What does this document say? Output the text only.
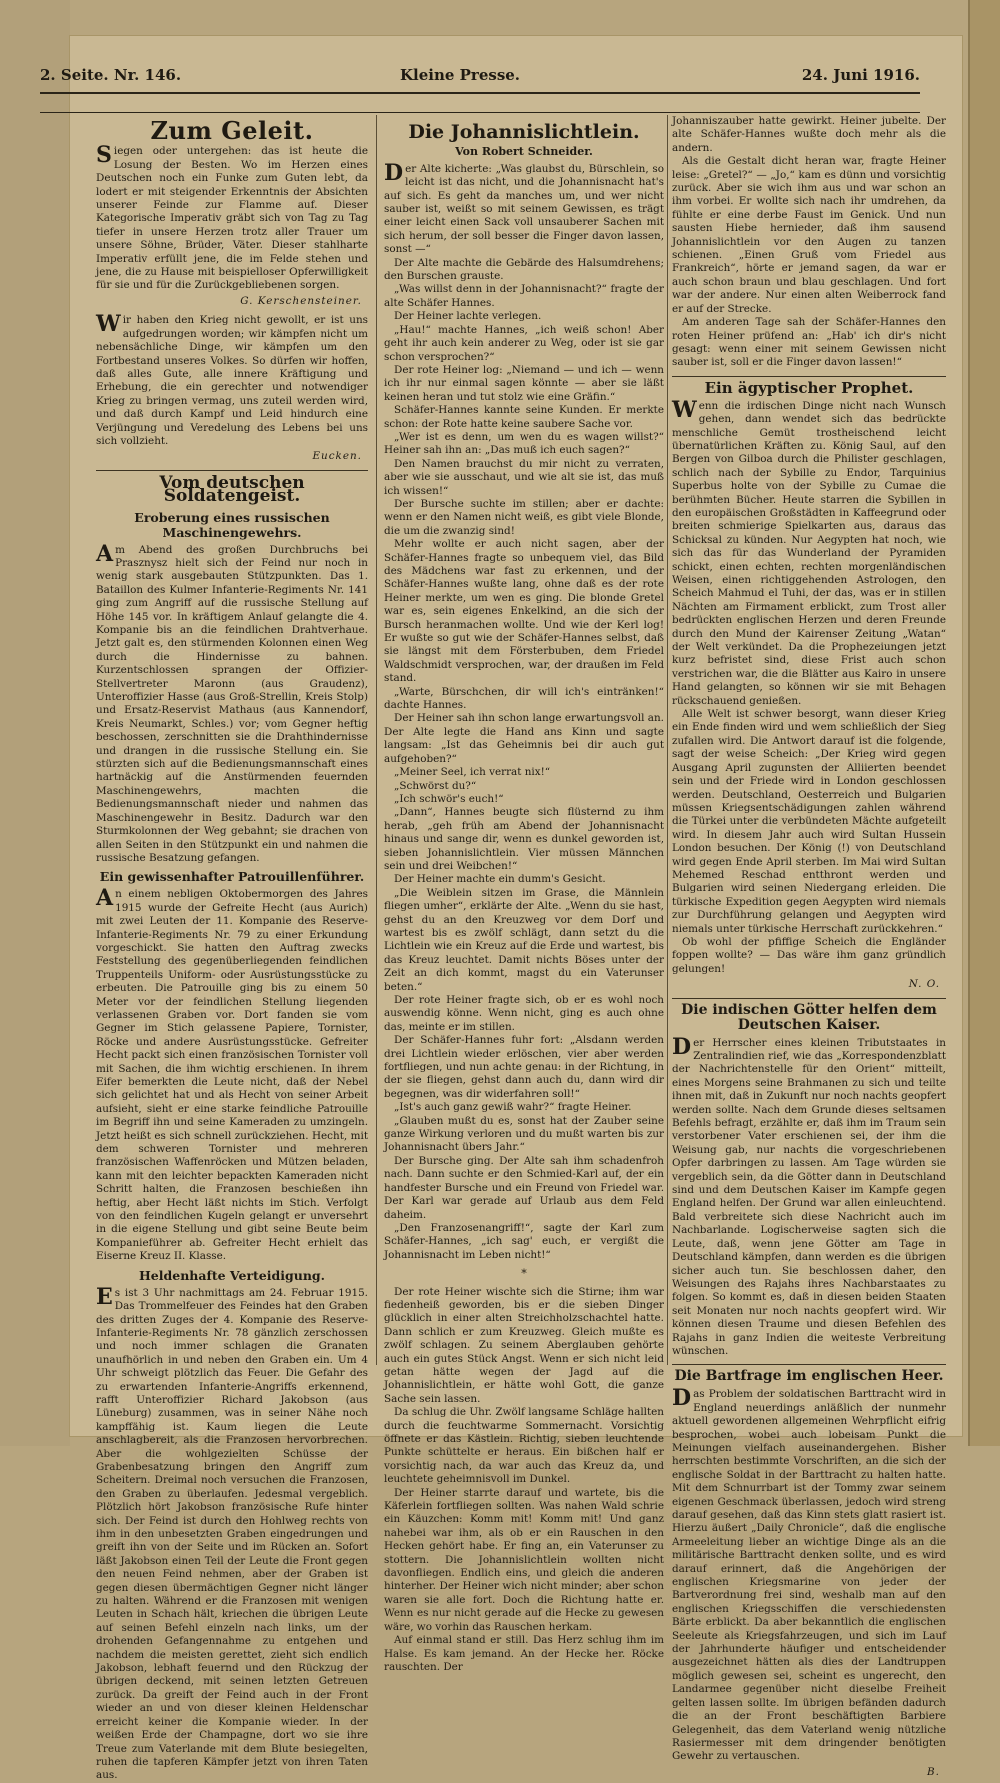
2. Seite. Nr. 146.	Kleine Presse.	24. Juni 1916.
Zum Geleit.

Siegen oder untergehen: das ist heute die Losung der Besten. Wo im Herzen eines Deutschen noch ein Funke zum Guten lebt, da lodert er mit steigender Erkenntnis der Absichten unserer Feinde zur Flamme auf. Dieser Kategorische Imperativ gräbt sich von Tag zu Tag tiefer in unsere Herzen trotz aller Trauer um unsere Söhne, Brüder, Väter. Dieser stahlharte Imperativ erfüllt jene, die im Felde stehen und jene, die zu Hause mit beispielloser Opferwilligkeit für sie und für die Zurückgebliebenen sorgen.

G. Kerschensteiner.

Wir haben den Krieg nicht gewollt, er ist uns aufgedrungen worden; wir kämpfen nicht um nebensächliche Dinge, wir kämpfen um den Fortbestand unseres Volkes. So dürfen wir hoffen, daß alles Gute, alle innere Kräftigung und Erhebung, die ein gerechter und notwendiger Krieg zu bringen vermag, uns zuteil werden wird, und daß durch Kampf und Leid hindurch eine Verjüngung und Veredelung des Lebens bei uns sich vollzieht.

Eucken.
Vom deutschen Soldatengeist.
Eroberung eines russischen Maschinengewehrs.

Am Abend des großen Durchbruchs bei Prasznysz hielt sich der Feind nur noch in wenig stark ausgebauten Stützpunkten. Das 1. Bataillon des Kulmer Infanterie-Regiments Nr. 141 ging zum Angriff auf die russische Stellung auf Höhe 145 vor. In kräftigem Anlauf gelangte die 4. Kompanie bis an die feindlichen Drahtverhaue. Jetzt galt es, den stürmenden Kolonnen einen Weg durch die Hindernisse zu bahnen. Kurzentschlossen sprangen der Offizier-Stellvertreter Maronn (aus Graudenz), Unteroffizier Hasse (aus Groß-Strellin, Kreis Stolp) und Ersatz-Reservist Mathaus (aus Kannendorf, Kreis Neumarkt, Schles.) vor; vom Gegner heftig beschossen, zerschnitten sie die Drahthindernisse und drangen in die russische Stellung ein. Sie stürzten sich auf die Bedienungsmannschaft eines hartnäckig auf die Anstürmenden feuernden Maschinengewehrs, machten die Bedienungsmannschaft nieder und nahmen das Maschinengewehr in Besitz. Dadurch war den Sturmkolonnen der Weg gebahnt; sie drachen von allen Seiten in den Stützpunkt ein und nahmen die russische Besatzung gefangen.

Ein gewissenhafter Patrouillenführer.

An einem nebligen Oktobermorgen des Jahres 1915 wurde der Gefreite Hecht (aus Aurich) mit zwei Leuten der 11. Kompanie des Reserve-Infanterie-Regiments Nr. 79 zu einer Erkundung vorgeschickt. Sie hatten den Auftrag zwecks Feststellung des gegenüberliegenden feindlichen Truppenteils Uniform- oder Ausrüstungsstücke zu erbeuten. Die Patrouille ging bis zu einem 50 Meter vor der feindlichen Stellung liegenden verlassenen Graben vor. Dort fanden sie vom Gegner im Stich gelassene Papiere, Tornister, Röcke und andere Ausrüstungsstücke. Gefreiter Hecht packt sich einen französischen Tornister voll mit Sachen, die ihm wichtig erschienen. In ihrem Eifer bemerkten die Leute nicht, daß der Nebel sich gelichtet hat und als Hecht von seiner Arbeit aufsieht, sieht er eine starke feindliche Patrouille im Begriff ihn und seine Kameraden zu umzingeln. Jetzt heißt es sich schnell zurückziehen. Hecht, mit dem schweren Tornister und mehreren französischen Waffenröcken und Mützen beladen, kann mit den leichter bepackten Kameraden nicht Schritt halten, die Franzosen beschießen ihn heftig, aber Hecht läßt nichts im Stich. Verfolgt von den feindlichen Kugeln gelangt er unversehrt in die eigene Stellung und gibt seine Beute beim Kompanieführer ab. Gefreiter Hecht erhielt das Eiserne Kreuz II. Klasse.

Heldenhafte Verteidigung.

Es ist 3 Uhr nachmittags am 24. Februar 1915. Das Trommelfeuer des Feindes hat den Graben des dritten Zuges der 4. Kompanie des Reserve-Infanterie-Regiments Nr. 78 gänzlich zerschossen und noch immer schlagen die Granaten unaufhörlich in und neben den Graben ein. Um 4 Uhr schweigt plötzlich das Feuer. Die Gefahr des zu erwartenden Infanterie-Angriffs erkennend, rafft Unteroffizier Richard Jakobson (aus Lüneburg) zusammen, was in seiner Nähe noch kampffähig ist. Kaum liegen die Leute anschlagbereit, als die Franzosen hervorbrechen. Aber die wohlgezielten Schüsse der Grabenbesatzung bringen den Angriff zum Scheitern. Dreimal noch versuchen die Franzosen, den Graben zu überlaufen. Jedesmal vergeblich. Plötzlich hört Jakobson französische Rufe hinter sich. Der Feind ist durch den Hohlweg rechts von ihm in den unbesetzten Graben eingedrungen und greift ihn von der Seite und im Rücken an. Sofort läßt Jakobson einen Teil der Leute die Front gegen den neuen Feind nehmen, aber der Graben ist gegen diesen übermächtigen Gegner nicht länger zu halten. Während er die Franzosen mit wenigen Leuten in Schach hält, kriechen die übrigen Leute auf seinen Befehl einzeln nach links, um der drohenden Gefangennahme zu entgehen und nachdem die meisten gerettet, zieht sich endlich Jakobson, lebhaft feuernd und den Rückzug der übrigen deckend, mit seinen letzten Getreuen zurück. Da greift der Feind auch in der Front wieder an und von dieser kleinen Heldenschar erreicht keiner die Kompanie wieder. In der weißen Erde der Champagne, dort wo sie ihre Treue zum Vaterlande mit dem Blute besiegelten, ruhen die tapferen Kämpfer jetzt von ihren Taten aus.

Die Johannislichtlein.
Von Robert Schneider.

Der Alte kicherte: „Was glaubst du, Bürschlein, so leicht ist das nicht, und die Johannisnacht hat's auf sich. Es geht da manches um, und wer nicht sauber ist, weißt so mit seinem Gewissen, es trägt einer leicht einen Sack voll unsauberer Sachen mit sich herum, der soll besser die Finger davon lassen, sonst —“

Der Alte machte die Gebärde des Halsumdrehens; den Burschen grauste.

„Was willst denn in der Johannisnacht?“ fragte der alte Schäfer Hannes.

Der Heiner lachte verlegen.

„Hau!“ machte Hannes, „ich weiß schon! Aber geht ihr auch kein anderer zu Weg, oder ist sie gar schon versprochen?“

Der rote Heiner log: „Niemand — und ich — wenn ich ihr nur einmal sagen könnte — aber sie läßt keinen heran und tut stolz wie eine Gräfin.“

Schäfer-Hannes kannte seine Kunden. Er merkte schon: der Rote hatte keine saubere Sache vor.

„Wer ist es denn, um wen du es wagen willst?“ Heiner sah ihn an: „Das muß ich euch sagen?“

Den Namen brauchst du mir nicht zu verraten, aber wie sie ausschaut, und wie alt sie ist, das muß ich wissen!“

Der Bursche suchte im stillen; aber er dachte: wenn er den Namen nicht weiß, es gibt viele Blonde, die um die zwanzig sind!

Mehr wollte er auch nicht sagen, aber der Schäfer-Hannes fragte so unbequem viel, das Bild des Mädchens war fast zu erkennen, und der Schäfer-Hannes wußte lang, ohne daß es der rote Heiner merkte, um wen es ging. Die blonde Gretel war es, sein eigenes Enkelkind, an die sich der Bursch heranmachen wollte. Und wie der Kerl log! Er wußte so gut wie der Schäfer-Hannes selbst, daß sie längst mit dem Försterbuben, dem Friedel Waldschmidt versprochen, war, der draußen im Feld stand.

„Warte, Bürschchen, dir will ich's eintränken!“ dachte Hannes.

Der Heiner sah ihn schon lange erwartungsvoll an. Der Alte legte die Hand ans Kinn und sagte langsam: „Ist das Geheimnis bei dir auch gut aufgehoben?“

„Meiner Seel, ich verrat nix!“

„Schwörst du?“

„Ich schwör's euch!“

„Dann“, Hannes beugte sich flüsternd zu ihm herab, „geh früh am Abend der Johannisnacht hinaus und sange dir, wenn es dunkel geworden ist, sieben Johannislichtlein. Vier müssen Männchen sein und drei Weibchen!“

Der Heiner machte ein dumm's Gesicht.

„Die Weiblein sitzen im Grase, die Männlein fliegen umher“, erklärte der Alte. „Wenn du sie hast, gehst du an den Kreuzweg vor dem Dorf und wartest bis es zwölf schlägt, dann setzt du die Lichtlein wie ein Kreuz auf die Erde und wartest, bis das Kreuz leuchtet. Damit nichts Böses unter der Zeit an dich kommt, magst du ein Vaterunser beten.“

Der rote Heiner fragte sich, ob er es wohl noch auswendig könne. Wenn nicht, ging es auch ohne das, meinte er im stillen.

Der Schäfer-Hannes fuhr fort: „Alsdann werden drei Lichtlein wieder erlöschen, vier aber werden fortfliegen, und nun achte genau: in der Richtung, in der sie fliegen, gehst dann auch du, dann wird dir begegnen, was dir widerfahren soll!“

„Ist's auch ganz gewiß wahr?“ fragte Heiner.

„Glauben mußt du es, sonst hat der Zauber seine ganze Wirkung verloren und du mußt warten bis zur Johannisnacht übers Jahr.“

Der Bursche ging. Der Alte sah ihm schadenfroh nach. Dann suchte er den Schmied-Karl auf, der ein handfester Bursche und ein Freund von Friedel war. Der Karl war gerade auf Urlaub aus dem Feld daheim.

„Den Franzosenangriff!“, sagte der Karl zum Schäfer-Hannes, „ich sag' euch, er vergißt die Johannisnacht im Leben nicht!“

*

Der rote Heiner wischte sich die Stirne; ihm war fiedenheiß geworden, bis er die sieben Dinger glücklich in einer alten Streichholzschachtel hatte. Dann schlich er zum Kreuzweg. Gleich mußte es zwölf schlagen. Zu seinem Aberglauben gehörte auch ein gutes Stück Angst. Wenn er sich nicht leid getan hätte wegen der Jagd auf die Johannislichtlein, er hätte wohl Gott, die ganze Sache sein lassen.

Da schlug die Uhr. Zwölf langsame Schläge hallten durch die feuchtwarme Sommernacht. Vorsichtig öffnete er das Kästlein. Richtig, sieben leuchtende Punkte schüttelte er heraus. Ein bißchen half er vorsichtig nach, da war auch das Kreuz da, und leuchtete geheimnisvoll im Dunkel.

Der Heiner starrte darauf und wartete, bis die Käferlein fortfliegen sollten. Was nahen Wald schrie ein Käuzchen: Komm mit! Komm mit! Und ganz nahebei war ihm, als ob er ein Rauschen in den Hecken gehört habe. Er fing an, ein Vaterunser zu stottern. Die Johannislichtlein wollten nicht davonfliegen. Endlich eins, und gleich die anderen hinterher. Der Heiner wich nicht minder; aber schon waren sie alle fort. Doch die Richtung hatte er. Wenn es nur nicht gerade auf die Hecke zu gewesen wäre, wo vorhin das Rauschen herkam.

Auf einmal stand er still. Das Herz schlug ihm im Halse. Es kam jemand. An der Hecke her. Röcke rauschten. Der

Johanniszauber hatte gewirkt. Heiner jubelte. Der alte Schäfer-Hannes wußte doch mehr als die andern.

Als die Gestalt dicht heran war, fragte Heiner leise: „Gretel?“ — „Jo,“ kam es dünn und vorsichtig zurück. Aber sie wich ihm aus und war schon an ihm vorbei. Er wollte sich nach ihr umdrehen, da fühlte er eine derbe Faust im Genick. Und nun sausten Hiebe hernieder, daß ihm sausend Johannislichtlein vor den Augen zu tanzen schienen. „Einen Gruß vom Friedel aus Frankreich“, hörte er jemand sagen, da war er auch schon braun und blau geschlagen. Und fort war der andere. Nur einen alten Weiberrock fand er auf der Strecke.

Am anderen Tage sah der Schäfer-Hannes den roten Heiner prüfend an: „Hab' ich dir's nicht gesagt: wenn einer mit seinem Gewissen nicht sauber ist, soll er die Finger davon lassen!“

Ein ägyptischer Prophet.

Wenn die irdischen Dinge nicht nach Wunsch gehen, dann wendet sich das bedrückte menschliche Gemüt trostheischend leicht übernatürlichen Kräften zu. König Saul, auf den Bergen von Gilboa durch die Philister geschlagen, schlich nach der Sybille zu Endor, Tarquinius Superbus holte von der Sybille zu Cumae die berühmten Bücher. Heute starren die Sybillen in den europäischen Großstädten in Kaffeegrund oder breiten schmierige Spielkarten aus, daraus das Schicksal zu künden. Nur Aegypten hat noch, wie sich das für das Wunderland der Pyramiden schickt, einen echten, rechten morgenländischen Weisen, einen richtiggehenden Astrologen, den Scheich Mahmud el Tuhi, der das, was er in stillen Nächten am Firmament erblickt, zum Trost aller bedrückten englischen Herzen und deren Freunde durch den Mund der Kairenser Zeitung „Watan“ der Welt verkündet. Da die Prophezeiungen jetzt kurz befristet sind, diese Frist auch schon verstrichen war, die die Blätter aus Kairo in unsere Hand gelangten, so können wir sie mit Behagen rückschauend genießen.

Alle Welt ist schwer besorgt, wann dieser Krieg ein Ende finden wird und wem schließlich der Sieg zufallen wird. Die Antwort darauf ist die folgende, sagt der weise Scheich: „Der Krieg wird gegen Ausgang April zugunsten der Alliierten beendet sein und der Friede wird in London geschlossen werden. Deutschland, Oesterreich und Bulgarien müssen Kriegsentschädigungen zahlen während die Türkei unter die verbündeten Mächte aufgeteilt wird. In diesem Jahr auch wird Sultan Hussein London besuchen. Der König (!) von Deutschland wird gegen Ende April sterben. Im Mai wird Sultan Mehemed Reschad entthront werden und Bulgarien wird seinen Niedergang erleiden. Die türkische Expedition gegen Aegypten wird niemals zur Durchführung gelangen und Aegypten wird niemals unter türkische Herrschaft zurückkehren.“

Ob wohl der pfiffige Scheich die Engländer foppen wollte? — Das wäre ihm ganz gründlich gelungen!

N. O.
Die indischen Götter helfen dem Deutschen Kaiser.

Der Herrscher eines kleinen Tributstaates in Zentralindien rief, wie das „Korrespondenzblatt der Nachrichtenstelle für den Orient“ mitteilt, eines Morgens seine Brahmanen zu sich und teilte ihnen mit, daß in Zukunft nur noch nachts geopfert werden sollte. Nach dem Grunde dieses seltsamen Befehls befragt, erzählte er, daß ihm im Traum sein verstorbener Vater erschienen sei, der ihm die Weisung gab, nur nachts die vorgeschriebenen Opfer darbringen zu lassen. Am Tage würden sie vergeblich sein, da die Götter dann in Deutschland sind und dem Deutschen Kaiser im Kampfe gegen England helfen. Der Grund war allen einleuchtend. Bald verbreitete sich diese Nachricht auch im Nachbarlande. Logischerweise sagten sich die Leute, daß, wenn jene Götter am Tage in Deutschland kämpfen, dann werden es die übrigen sicher auch tun. Sie beschlossen daher, den Weisungen des Rajahs ihres Nachbarstaates zu folgen. So kommt es, daß in diesen beiden Staaten seit Monaten nur noch nachts geopfert wird. Wir können diesen Traume und diesen Befehlen des Rajahs in ganz Indien die weiteste Verbreitung wünschen.

Die Bartfrage im englischen Heer.

Das Problem der soldatischen Barttracht wird in England neuerdings anläßlich der nunmehr aktuell gewordenen allgemeinen Wehrpflicht eifrig besprochen, wobei auch lobeisam Punkt die Meinungen vielfach auseinandergehen. Bisher herrschten bestimmte Vorschriften, an die sich der englische Soldat in der Barttracht zu halten hatte. Mit dem Schnurrbart ist der Tommy zwar seinem eigenen Geschmack überlassen, jedoch wird streng darauf gesehen, daß das Kinn stets glatt rasiert ist. Hierzu äußert „Daily Chronicle“, daß die englische Armeeleitung lieber an wichtige Dinge als an die militärische Barttracht denken sollte, und es wird darauf erinnert, daß die Angehörigen der englischen Kriegsmarine von jeder der Bartverordnung frei sind, weshalb man auf den englischen Kriegsschiffen die verschiedensten Bärte erblickt. Da aber bekanntlich die englischen Seeleute als Kriegsfahrzeugen, und sich im Lauf der Jahrhunderte häufiger und entscheidender ausgezeichnet hätten als dies der Landtruppen möglich gewesen sei, scheint es ungerecht, den Landarmee gegenüber nicht dieselbe Freiheit gelten lassen sollte. Im übrigen befänden dadurch die an der Front beschäftigten Barbiere Gelegenheit, das dem Vaterland wenig nützliche Rasiermesser mit dem dringender benötigten Gewehr zu vertauschen.

B.
